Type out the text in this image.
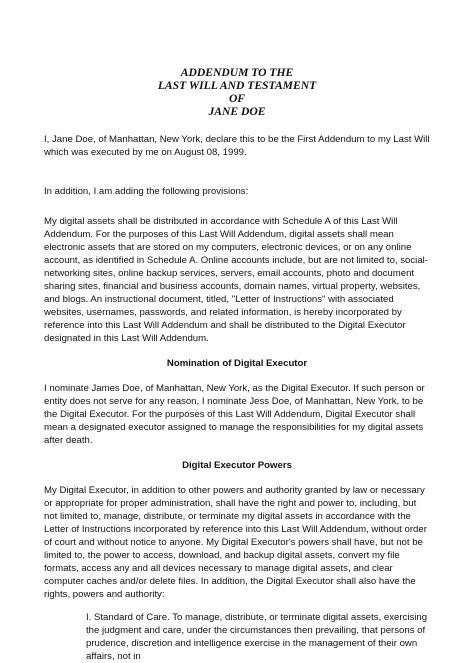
ADDENDUM TO THE
LAST WILL AND TESTAMENT
OF
JANE DOE

I, Jane Doe, of Manhattan, New York, declare this to be the First Addendum to my Last Will which was executed by me on August 08, 1999.

In addition, I am adding the following provisions:

My digital assets shall be distributed in accordance with Schedule A of this Last Will Addendum. For the purposes of this Last Will Addendum, digital assets shall mean electronic assets that are stored on my computers, electronic devices, or on any online account, as identified in Schedule A. Online accounts include, but are not limited to, social-networking sites, online backup services, servers, email accounts, photo and document sharing sites, financial and business accounts, domain names, virtual property, websites, and blogs. An instructional document, titled, "Letter of Instructions" with associated websites, usernames, passwords, and related information, is hereby incorporated by reference into this Last Will Addendum and shall be distributed to the Digital Executor designated in this Last Will Addendum.

Nomination of Digital Executor

I nominate James Doe, of Manhattan, New York, as the Digital Executor. If such person or entity does not serve for any reason, I nominate Jess Doe, of Manhattan, New York, to be the Digital Executor. For the purposes of this Last Will Addendum, Digital Executor shall mean a designated executor assigned to manage the responsibilities for my digital assets after death.

Digital Executor Powers

My Digital Executor, in addition to other powers and authority granted by law or necessary or appropriate for proper administration, shall have the right and power to, including, but not limited to, manage, distribute, or terminate my digital assets in accordance with the Letter of Instructions incorporated by reference into this Last Will Addendum, without order of court and without notice to anyone. My Digital Executor's powers shall have, but not be limited to, the power to access, download, and backup digital assets, convert my file formats, access any and all devices necessary to manage digital assets, and clear computer caches and/or delete files. In addition, the Digital Executor shall also have the rights, powers and authority:

I. Standard of Care. To manage, distribute, or terminate digital assets, exercising the judgment and care, under the circumstances then prevailing, that persons of prudence, discretion and intelligence exercise in the management of their own affairs, not in
